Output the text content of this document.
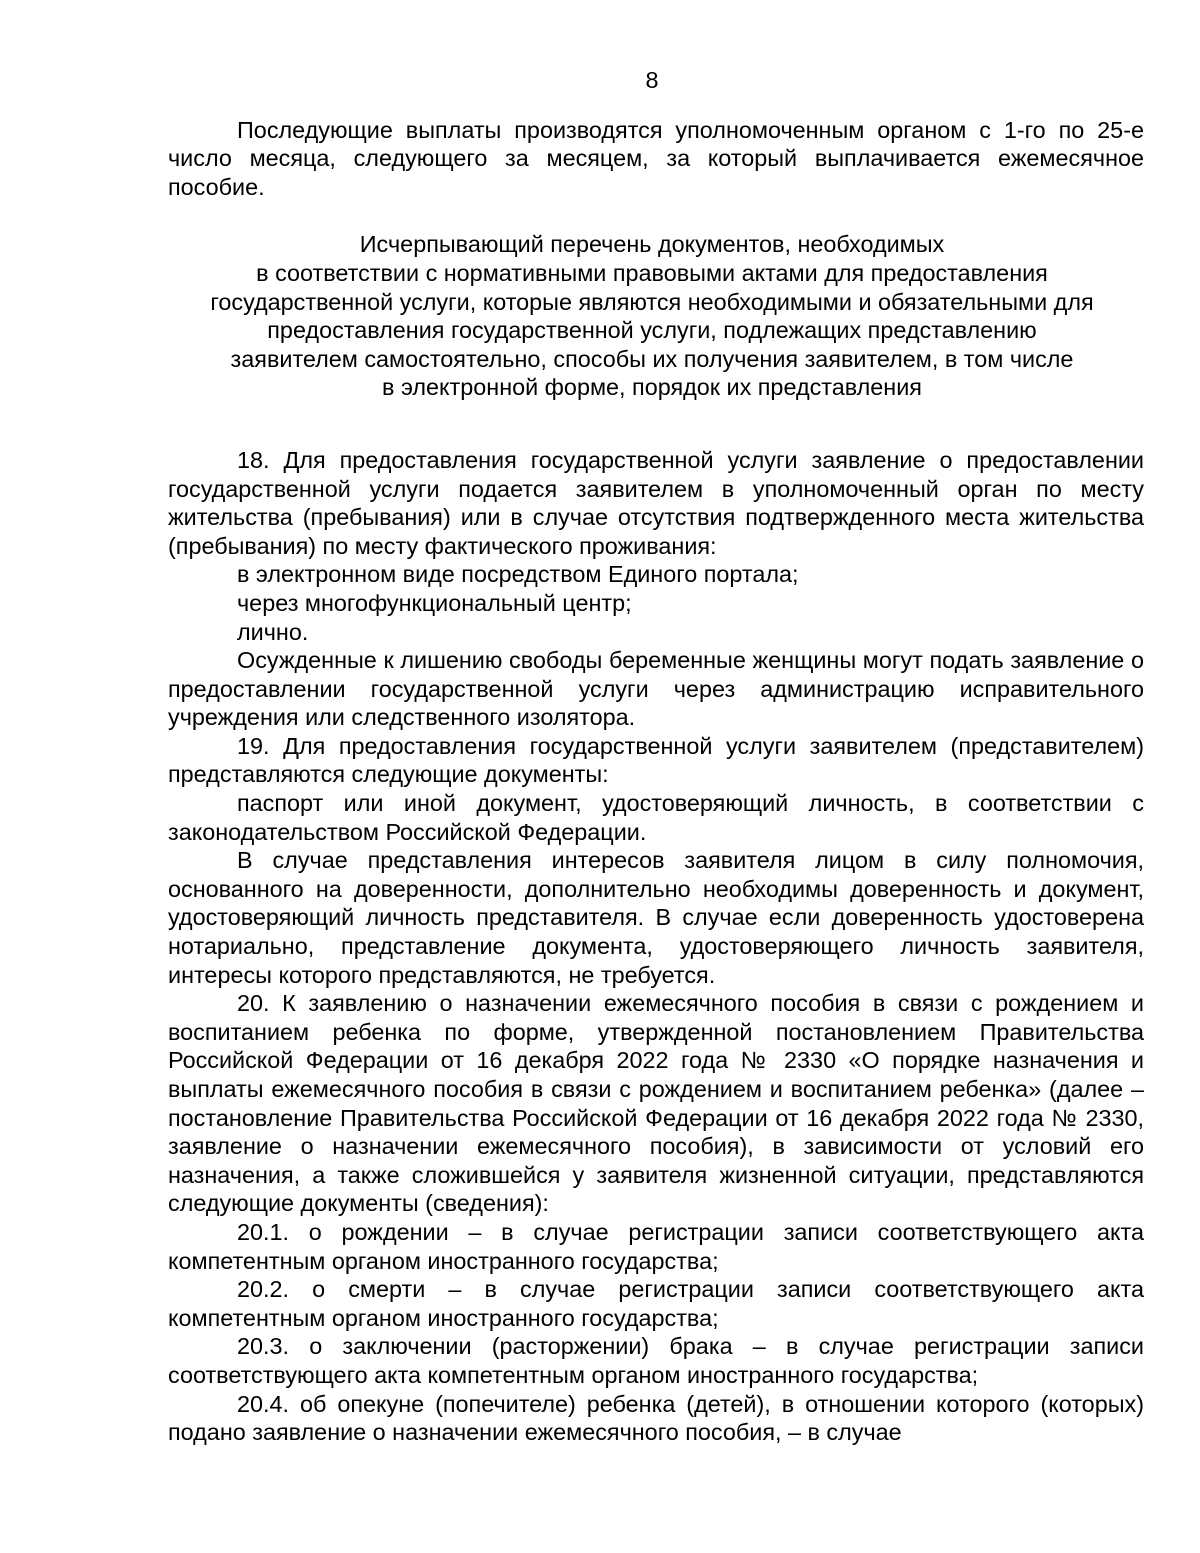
8

Последующие выплаты производятся уполномоченным органом с 1-го по 25-е число месяца, следующего за месяцем, за который выплачивается ежемесячное пособие.

Исчерпывающий перечень документов, необходимых
в соответствии с нормативными правовыми актами для предоставления
государственной услуги, которые являются необходимыми и обязательными для
предоставления государственной услуги, подлежащих представлению
заявителем самостоятельно, способы их получения заявителем, в том числе
в электронной форме, порядок их представления

18. Для предоставления государственной услуги заявление о предоставлении государственной услуги подается заявителем в уполномоченный орган по месту жительства (пребывания) или в случае отсутствия подтвержденного места жительства (пребывания) по месту фактического проживания:

в электронном виде посредством Единого портала;

через многофункциональный центр;

лично.

Осужденные к лишению свободы беременные женщины могут подать заявление о предоставлении государственной услуги через администрацию исправительного учреждения или следственного изолятора.

19. Для предоставления государственной услуги заявителем (представителем) представляются следующие документы:

паспорт или иной документ, удостоверяющий личность, в соответствии с законодательством Российской Федерации.

В случае представления интересов заявителя лицом в силу полномочия, основанного на доверенности, дополнительно необходимы доверенность и документ, удостоверяющий личность представителя. В случае если доверенность удостоверена нотариально, представление документа, удостоверяющего личность заявителя, интересы которого представляются, не требуется.

20. К заявлению о назначении ежемесячного пособия в связи с рождением и воспитанием ребенка по форме, утвержденной постановлением Правительства Российской Федерации от 16 декабря 2022 года № 2330 «О порядке назначения и выплаты ежемесячного пособия в связи с рождением и воспитанием ребенка» (далее – постановление Правительства Российской Федерации от 16 декабря 2022 года № 2330, заявление о назначении ежемесячного пособия), в зависимости от условий его назначения, а также сложившейся у заявителя жизненной ситуации, представляются следующие документы (сведения):

20.1. о рождении – в случае регистрации записи соответствующего акта компетентным органом иностранного государства;

20.2. о смерти – в случае регистрации записи соответствующего акта компетентным органом иностранного государства;

20.3. о заключении (расторжении) брака – в случае регистрации записи соответствующего акта компетентным органом иностранного государства;

20.4. об опекуне (попечителе) ребенка (детей), в отношении которого (которых) подано заявление о назначении ежемесячного пособия, – в случае
